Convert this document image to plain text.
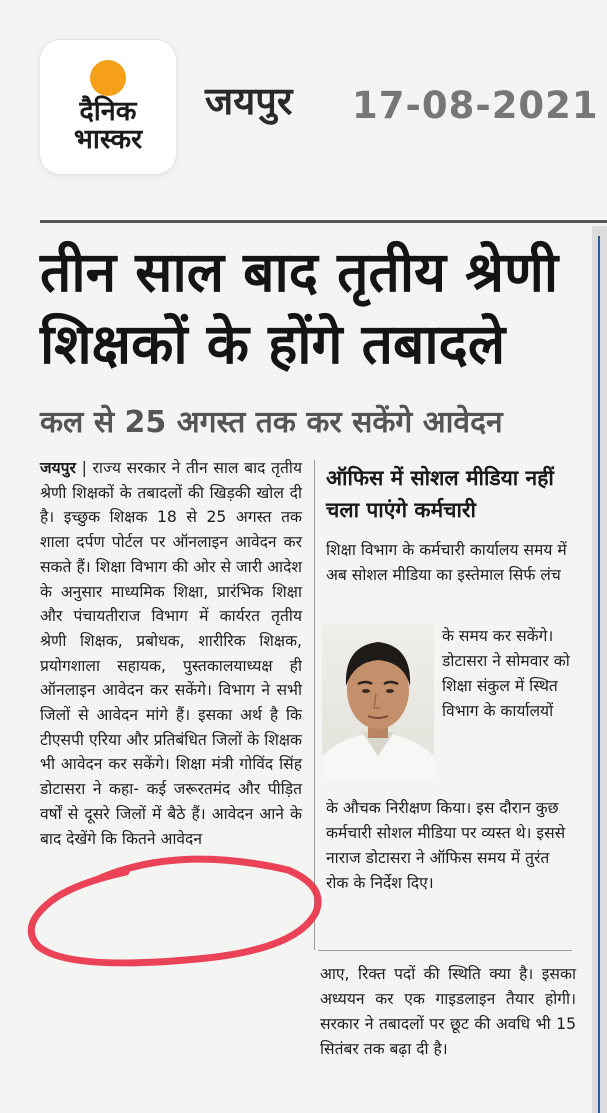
दैनिक
भास्कर
जयपुर 17-08-2021
तीन साल बाद तृतीय श्रेणी शिक्षकों के होंगे तबादले
कल से 25 अगस्त तक कर सकेंगे आवेदन
जयपुर | राज्य सरकार ने तीन साल बाद तृतीय श्रेणी शिक्षकों के तबादलों की खिड़की खोल दी है। इच्छुक शिक्षक 18 से 25 अगस्त तक शाला दर्पण पोर्टल पर ऑनलाइन आवेदन कर सकते हैं। शिक्षा विभाग की ओर से जारी आदेश के अनुसार माध्यमिक शिक्षा, प्रारंभिक शिक्षा और पंचायतीराज विभाग में कार्यरत तृतीय श्रेणी शिक्षक, प्रबोधक, शारीरिक शिक्षक, प्रयोगशाला सहायक, पुस्तकालयाध्यक्ष ही ऑनलाइन आवेदन कर सकेंगे। विभाग ने सभी जिलों से आवेदन मांगे हैं। इसका अर्थ है कि टीएसपी एरिया और प्रतिबंधित जिलों के शिक्षक भी आवेदन कर सकेंगे। शिक्षा मंत्री गोविंद सिंह डोटासरा ने कहा- कई जरूरतमंद और पीड़ित वर्षों से दूसरे जिलों में बैठे हैं। आवेदन आने के बाद देखेंगे कि कितने आवेदन
ऑफिस में सोशल मीडिया नहीं चला पाएंगे कर्मचारी
शिक्षा विभाग के कर्मचारी कार्यालय समय में अब सोशल मीडिया का इस्तेमाल सिर्फ लंच
के समय कर सकेंगे। डोटासरा ने सोमवार को शिक्षा संकुल में स्थित विभाग के कार्यालयों
के औचक निरीक्षण किया। इस दौरान कुछ कर्मचारी सोशल मीडिया पर व्यस्त थे। इससे नाराज डोटासरा ने ऑफिस समय में तुरंत रोक के निर्देश दिए।
आए, रिक्त पदों की स्थिति क्या है। इसका अध्ययन कर एक गाइडलाइन तैयार होगी। सरकार ने तबादलों पर छूट की अवधि भी 15 सितंबर तक बढ़ा दी है।
